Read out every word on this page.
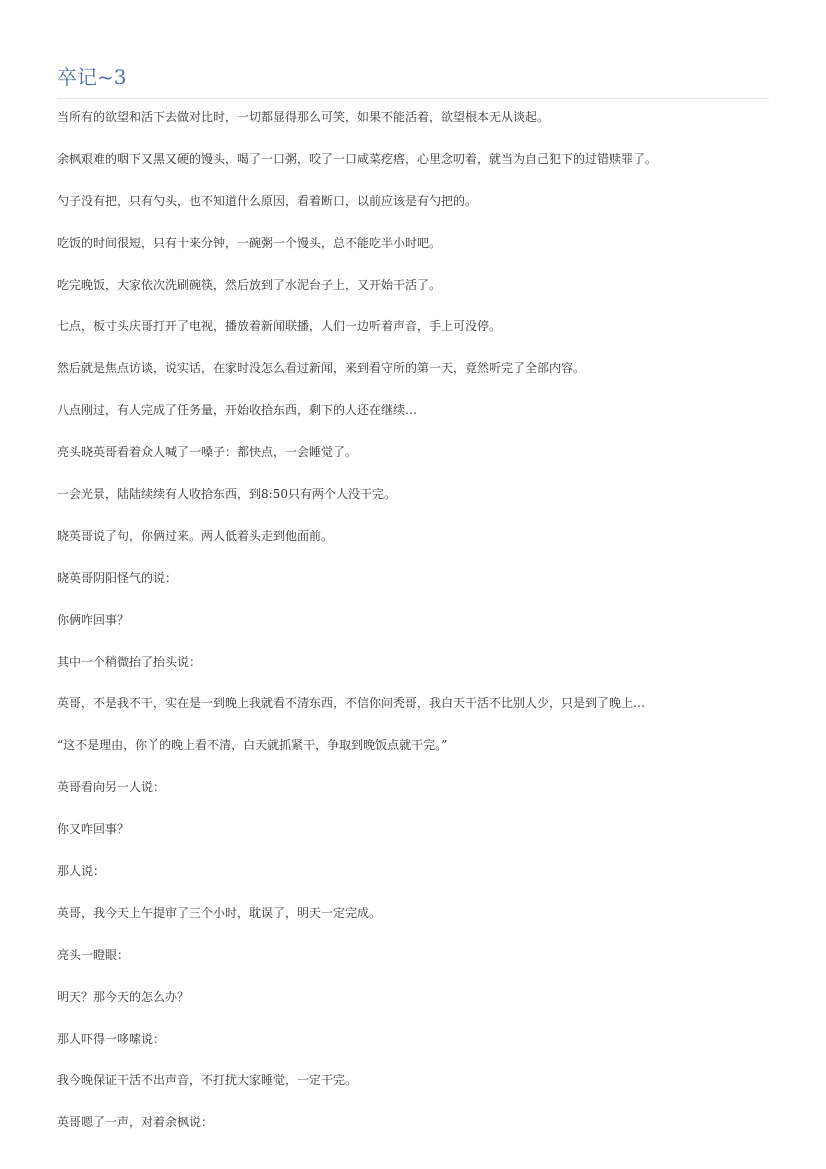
卒记~3

当所有的欲望和活下去做对比时，一切都显得那么可笑，如果不能活着，欲望根本无从谈起。

余枫艰难的咽下又黑又硬的馒头，喝了一口粥，咬了一口咸菜疙瘩，心里念叨着，就当为自己犯下的过错赎罪了。

勺子没有把，只有勺头，也不知道什么原因，看着断口，以前应该是有勺把的。

吃饭的时间很短，只有十来分钟，一碗粥一个馒头，总不能吃半小时吧。

吃完晚饭，大家依次洗刷碗筷，然后放到了水泥台子上，又开始干活了。

七点，板寸头庆哥打开了电视，播放着新闻联播，人们一边听着声音，手上可没停。

然后就是焦点访谈，说实话，在家时没怎么看过新闻，来到看守所的第一天，竟然听完了全部内容。

八点刚过，有人完成了任务量，开始收拾东西，剩下的人还在继续…

亮头晓英哥看着众人喊了一嗓子：都快点，一会睡觉了。

一会光景，陆陆续续有人收拾东西，到8:50只有两个人没干完。

晓英哥说了句，你俩过来。两人低着头走到他面前。

晓英哥阴阳怪气的说：

你俩咋回事？

其中一个稍微抬了抬头说：

英哥，不是我不干，实在是一到晚上我就看不清东西，不信你问秃哥，我白天干活不比别人少，只是到了晚上…

“这不是理由，你丫的晚上看不清，白天就抓紧干，争取到晚饭点就干完。”

英哥看向另一人说：

你又咋回事？

那人说：

英哥，我今天上午提审了三个小时，耽误了，明天一定完成。

亮头一瞪眼：

明天？那今天的怎么办？

那人吓得一哆嗦说：

我今晚保证干活不出声音，不打扰大家睡觉，一定干完。

英哥嗯了一声，对着余枫说：
